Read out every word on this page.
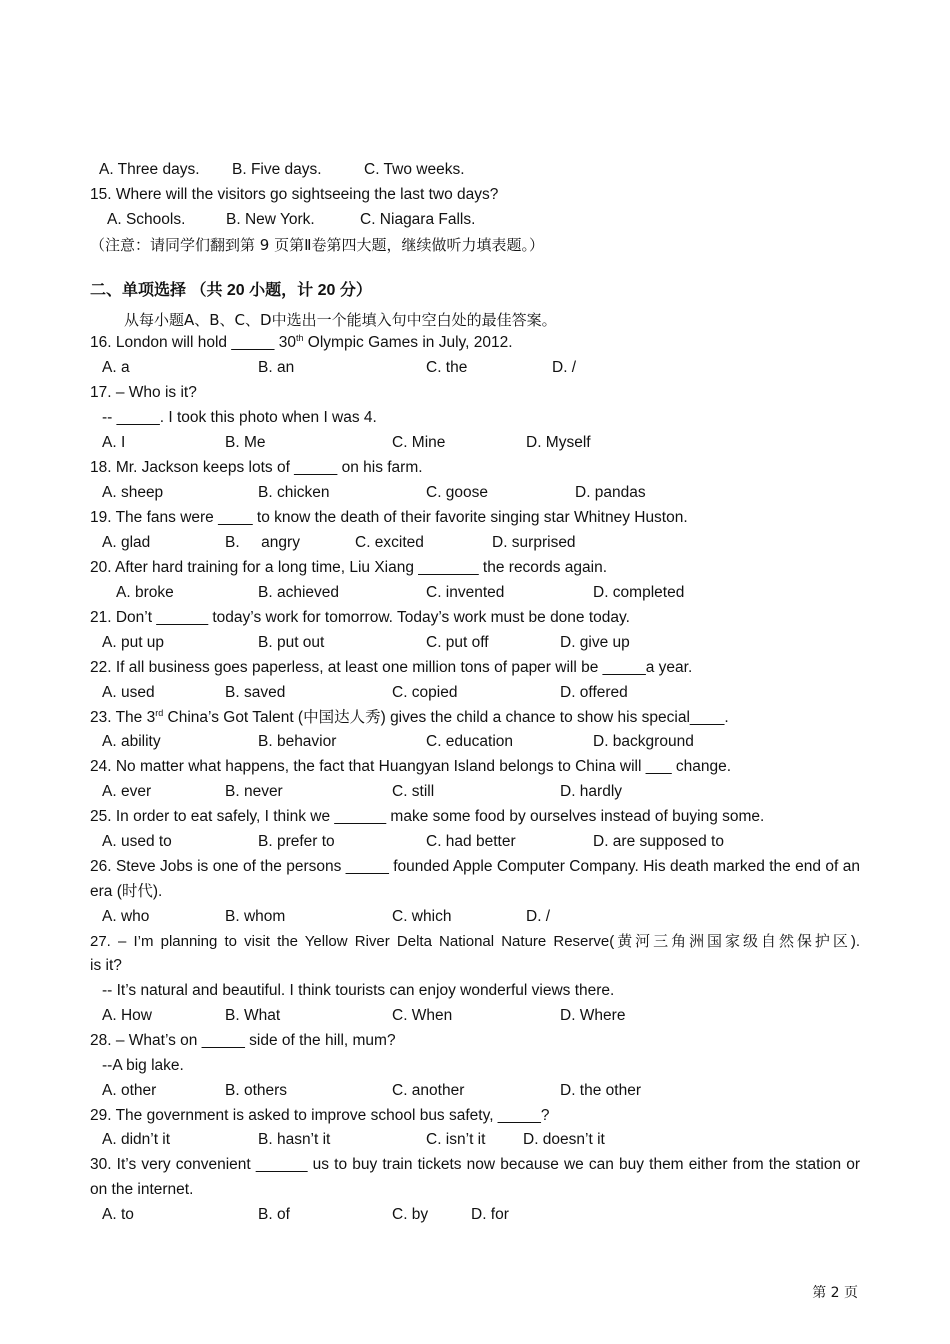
A. Three days. B. Five days.	C. Two weeks.
15. Where will the visitors go sightseeing the last two days?
A. Schools.	B. New York.	C. Niagara Falls.
（注意：请同学们翻到第 9 页第Ⅱ卷第四大题，继续做听力填表题。）
二、单项选择 （共 20 小题，计 20 分）
从每小题A、B、C、D中选出一个能填入句中空白处的最佳答案。
16. London will hold _____ 30th Olympic Games in July, 2012.
A. a	B. an	C. the	D. /
17. – Who is it?
-- _____. I took this photo when I was 4.
A. I	B. Me	C. Mine	D. Myself
18. Mr. Jackson keeps lots of _____ on his farm.
A. sheep	B. chicken	C. goose	D. pandas
19. The fans were ____ to know the death of their favorite singing star Whitney Huston.
A. glad	B.     angry	C. excited	D. surprised
20. After hard training for a long time, Liu Xiang _______ the records again.
A. broke	B. achieved	C. invented	D. completed
21. Don’t ______ today’s work for tomorrow. Today’s work must be done today.
A. put up	B. put out	C. put off	D. give up
22. If all business goes paperless, at least one million tons of paper will be _____a year.
A. used	B. saved	C. copied	D. offered
23. The 3rd China’s Got Talent (中国达人秀) gives the child a chance to show his special____.
A. ability	B. behavior	C. education	D. background
24. No matter what happens, the fact that Huangyan Island belongs to China will ___ change.
A. ever	B. never	C. still	D. hardly
25. In order to eat safely, I think we ______ make some food by ourselves instead of buying some.
A. used to	B. prefer to	C. had better	D. are supposed to
26. Steve Jobs is one of the persons _____ founded Apple Computer Company. His death marked the end of an
era (时代).
A. who	B. whom	C. which	D. /
27. – I’m planning to visit the Yellow River Delta National Nature Reserve(黄河三角洲国家级自然保护区).
is it?
-- It’s natural and beautiful. I think tourists can enjoy wonderful views there.
A. How	B. What	C. When	D. Where
28. – What’s on _____ side of the hill, mum?
--A big lake.
A. other	B. others	C. another	D. the other
29. The government is asked to improve school bus safety, _____?
A. didn’t it	B. hasn’t it	C. isn’t it D. doesn’t it
30. It’s very convenient ______ us to buy train tickets now because we can buy them either from the station or
on the internet.
A. to	B. of	C. by	D. for
第 2 页
